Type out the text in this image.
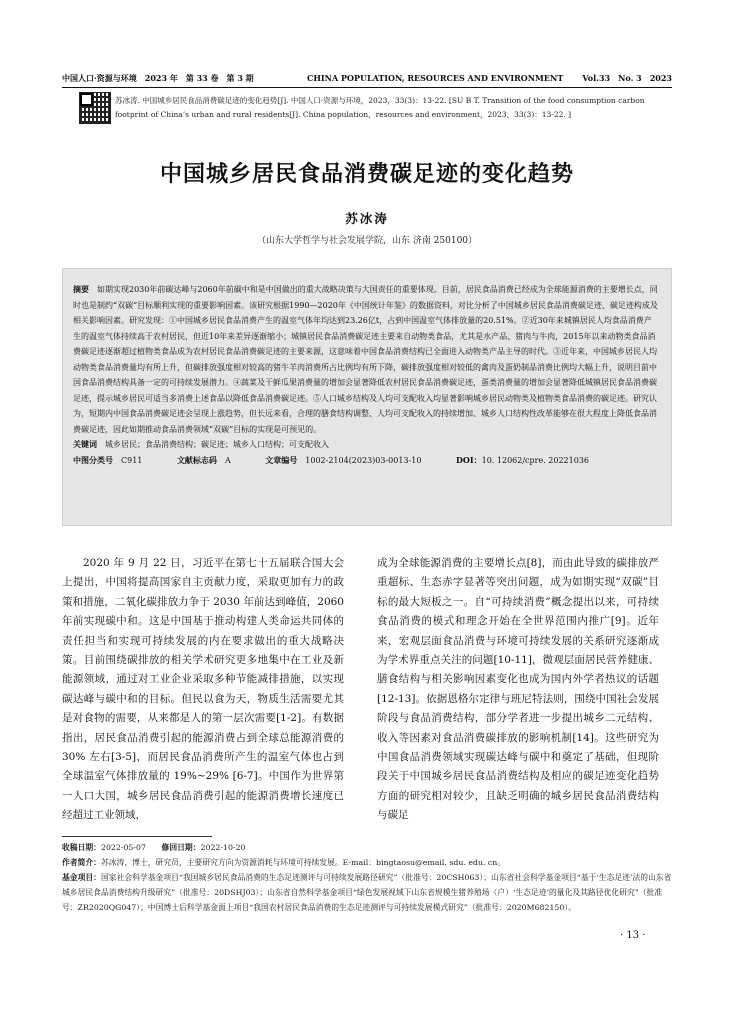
中国人口·资源与环境　2023 年　第 33 卷　第 3 期	CHINA POPULATION, RESOURCES AND ENVIRONMENT Vol.33　No. 3　2023
苏冰涛. 中国城乡居民食品消费碳足迹的变化趋势[J]. 中国人口·资源与环境，2023，33(3)：13-22. [SU B T. Transition of the food consumption carbon footprint of China’s urban and rural residents[J]. China population，resources and environment，2023，33(3)：13-22. ]
中国城乡居民食品消费碳足迹的变化趋势
苏冰涛
（山东大学哲学与社会发展学院，山东 济南 250100）
摘要 如期实现2030年前碳达峰与2060年前碳中和是中国做出的重大战略决策与大国责任的重要体现。目前，居民食品消费已经成为全球能源消费的主要增长点，同时也是制约“双碳”目标顺利实现的重要影响因素。该研究根据1990—2020年《中国统计年鉴》的数据资料，对比分析了中国城乡居民食品消费碳足迹、碳足迹构成及相关影响因素。研究发现：①中国城乡居民食品消费产生的温室气体年均达到23.26亿t，占到中国温室气体排放量的20.51%。②近30年来城镇居民人均食品消费产生的温室气体持续高于农村居民，但近10年来差异逐渐缩小；城镇居民食品消费碳足迹主要来自动物类食品，尤其是水产品、猪肉与牛肉，2015年以来动物类食品消费碳足迹逐渐超过植物类食品成为农村居民食品消费碳足迹的主要来源，这意味着中国食品消费结构已全面进入动物类产品主导的时代。③近年来，中国城乡居民人均动物类食品消费量均有所上升，但碳排放强度相对较高的猪牛羊肉消费所占比例均有所下降，碳排放强度相对较低的禽肉及蛋奶制品消费比例均大幅上升，说明目前中国食品消费结构具备一定的可持续发展潜力。④蔬菜及干鲜瓜果消费量的增加会显著降低农村居民食品消费碳足迹，蛋类消费量的增加会显著降低城镇居民食品消费碳足迹，提示城乡居民可适当多消费上述食品以降低食品消费碳足迹。⑤人口城乡结构及人均可支配收入均显著影响城乡居民动物类及植物类食品消费的碳足迹。研究认为，短期内中国食品消费碳足迹会呈现上涨趋势，但长远来看，合理的膳食结构调整、人均可支配收入的持续增加、城乡人口结构性改革能够在很大程度上降低食品消费碳足迹，因此如期推动食品消费领域“双碳”目标的实现是可预见的。
关键词 城乡居民；食品消费结构；碳足迹；城乡人口结构；可支配收入
中图分类号　 C911	文献标志码　 A	文章编号　 1002-2104(2023)03-0013-10	DOI：10. 12062/cpre. 20221036
2020 年 9 月 22 日，习近平在第七十五届联合国大会上提出，中国将提高国家自主贡献力度，采取更加有力的政策和措施，二氧化碳排放力争于 2030 年前达到峰值，2060 年前实现碳中和。这是中国基于推动构建人类命运共同体的责任担当和实现可持续发展的内在要求做出的重大战略决策。目前围绕碳排放的相关学术研究更多地集中在工业及新能源领域，通过对工业企业采取多种节能减排措施，以实现碳达峰与碳中和的目标。但民以食为天，物质生活需要尤其是对食物的需要，从来都是人的第一层次需要[1-2]。有数据指出，居民食品消费引起的能源消费占到全球总能源消费的 30% 左右[3-5]，而居民食品消费所产生的温室气体也占到全球温室气体排放量的 19%~29% [6-7]。中国作为世界第一人口大国，城乡居民食品消费引起的能源消费增长速度已经超过工业领域，
成为全球能源消费的主要增长点[8]，而由此导致的碳排放严重超标、生态赤字显著等突出问题，成为如期实现“双碳”目标的最大短板之一。自“可持续消费”概念提出以来，可持续食品消费的模式和理念开始在全世界范围内推广[9]。近年来，宏观层面食品消费与环境可持续发展的关系研究逐渐成为学术界重点关注的问题[10-11]，微观层面居民营养健康、膳食结构与相关影响因素变化也成为国内外学者热议的话题[12-13]。依据恩格尔定律与班尼特法则，围绕中国社会发展阶段与食品消费结构，部分学者进一步提出城乡二元结构、收入等因素对食品消费碳排放的影响机制[14]。这些研究为中国食品消费领域实现碳达峰与碳中和奠定了基础，但现阶段关于中国城乡居民食品消费结构及相应的碳足迹变化趋势方面的研究相对较少，且缺乏明确的城乡居民食品消费结构与碳足
收稿日期：2022-05-07　　 修回日期：2022-10-20
作者简介：苏冰涛，博士，研究员，主要研究方向为资源消耗与环境可持续发展。E-mail：bingtaosu@email. sdu. edu. cn。
基金项目：国家社会科学基金项目“我国城乡居民食品消费的生态足迹测评与可持续发展路径研究”（批准号：20CSH063）；山东省社会科学基金项目“基于‘生态足迹’法的山东省城乡居民食品消费结构升级研究”（批准号：20DSHJ03）；山东省自然科学基金项目“绿色发展视域下山东省规模生猪养殖场（户）‘生态足迹’的量化及其路径优化研究”（批准号：ZR2020QG047）；中国博士后科学基金面上项目“我国农村居民食品消费的生态足迹测评与可持续发展模式研究”（批准号：2020M682150）。
· 13 ·
